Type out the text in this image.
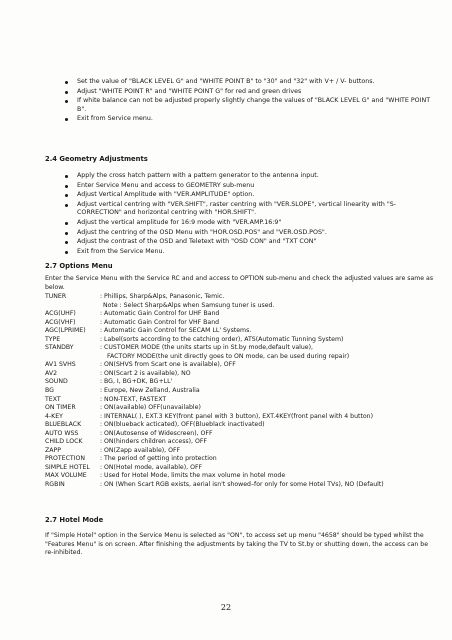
Set the value of "BLACK LEVEL G" and "WHITE POINT B" to "30" and "32" with V+ / V- buttons.
Adjust "WHITE POINT R" and "WHITE POINT G" for red and green drives
If white balance can not be adjusted properly slightly change the values of "BLACK LEVEL G" and "WHITE POINT B".
Exit from Service menu.
2.4 Geometry Adjustments
Apply the cross hatch pattern with a pattern generator to the antenna input.
Enter Service Menu and access to GEOMETRY sub-menu
Adjust Vertical Amplitude with "VER.AMPLITUDE" option.
Adjust vertical centring with "VER.SHIFT", raster centring with "VER.SLOPE", vertical linearity with "S-CORRECTION" and horizontal centring with "HOR.SHIFT".
Adjust the vertical amplitude for 16:9 mode with "VER.AMP.16:9"
Adjust the centring of the OSD Menu with "HOR.OSD.POS" and "VER.OSD.POS".
Adjust the contrast of the OSD and Teletext with "OSD CON" and "TXT CON"
Exit from the Service Menu.
2.7 Options Menu

Enter the Service Menu with the Service RC and and access to OPTION sub-menu and check the adjusted values are same as below.

TUNER	: Phillips, Sharp&Alps, Panasonic, Temic.
Note : Select Sharp&Alps when Samsung tuner is used.
ACG(UHF)	: Automatic Gain Control for UHF Band
ACG(VHF)	: Automatic Gain Control for VHF Band
AGC(LPRIME) : Automatic Gain Control for SECAM LL' Systems.
TYPE	: Label(sorts according to the catching order), ATS(Automatic Tunning System)
STANDBY	: CUSTOMER MODE (the units starts up in St.by mode,default value),
FACTORY MODE(the unit directly goes to ON mode, can be used during repair)
AV1 SVHS	: ON(SHVS from Scart one is available), OFF
AV2	: ON(Scart 2 is available), NO
SOUND	: BG, I, BG+DK, BG+LL'
BG	: Europe, New Zelland, Australia
TEXT	: NON-TEXT, FASTEXT
ON TIMER	: ON(available) OFF(unavailable)
4-KEY	: INTERNAL( ), EXT.3 KEY(front panel with 3 button), EXT.4KEY(front panel with 4 button)
BLUEBLACK	: ON(blueback acticated), OFF(Blueblack inactivated)
AUTO WSS	: ON(Autosense of Widescreen), OFF
CHILD LOCK	: ON(hinders children access), OFF
ZAPP	: ON(Zapp available), OFF
PROTECTION : The period of getting into protection
SIMPLE HOTEL : ON(Hotel mode, available), OFF
MAX VOLUME : Used for Hotel Mode, limits the max volume in hotel mode
RGBIN	: ON (When Scart RGB exists, aerial isn't showed–for only for some Hotel TVs), NO (Default)
2.7 Hotel Mode

If "Simple Hotel" option in the Service Menu is selected as "ON", to access set up menu "4658" should be typed whilst the "Features Menu" is on screen. After finishing the adjustments by taking the TV to St.by or shutting down, the access can be re-inhibited.

22
